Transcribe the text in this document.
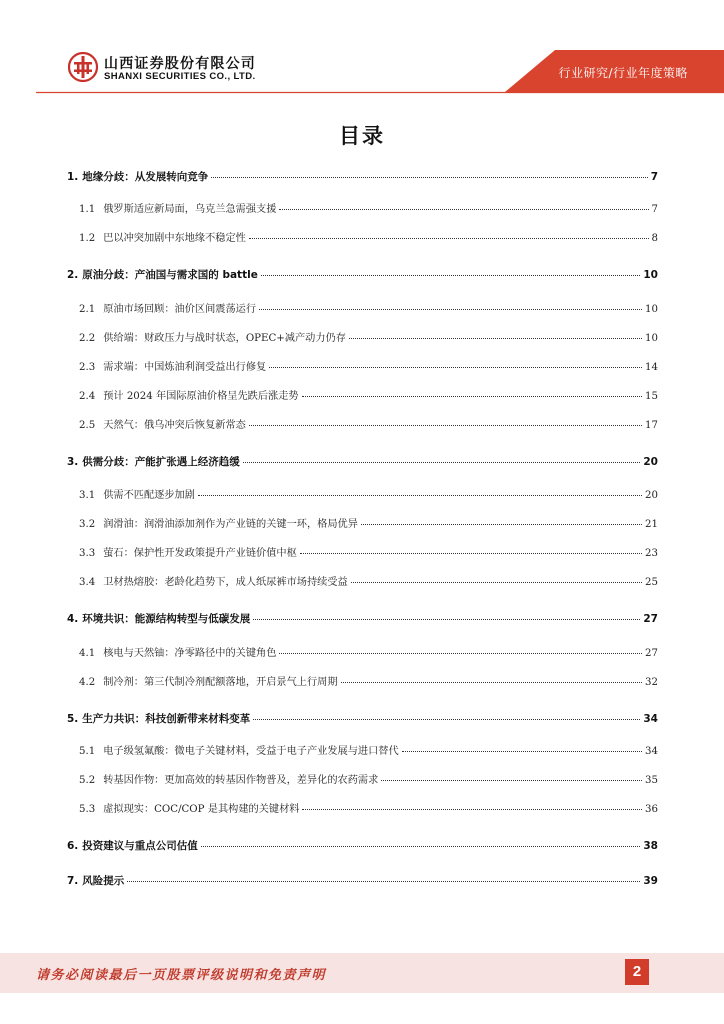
山西证券股份有限公司
SHANXI SECURITIES CO., LTD.	行业研究/行业年度策略
目录
1. 地缘分歧：从发展转向竞争	7
1.1 俄罗斯适应新局面，乌克兰急需强支援	7
1.2 巴以冲突加剧中东地缘不稳定性	8
2. 原油分歧：产油国与需求国的 battle	10
2.1 原油市场回顾：油价区间震荡运行	10
2.2 供给端：财政压力与战时状态，OPEC+减产动力仍存	10
2.3 需求端：中国炼油利润受益出行修复	14
2.4 预计 2024 年国际原油价格呈先跌后涨走势	15
2.5 天然气：俄乌冲突后恢复新常态	17
3. 供需分歧：产能扩张遇上经济趋缓	20
3.1 供需不匹配逐步加剧	20
3.2 润滑油：润滑油添加剂作为产业链的关键一环，格局优异	21
3.3 萤石：保护性开发政策提升产业链价值中枢	23
3.4 卫材热熔胶：老龄化趋势下，成人纸尿裤市场持续受益	25
4. 环境共识：能源结构转型与低碳发展	27
4.1 核电与天然铀：净零路径中的关键角色	27
4.2 制冷剂：第三代制冷剂配额落地，开启景气上行周期	32
5. 生产力共识：科技创新带来材料变革	34
5.1 电子级氢氟酸：微电子关键材料，受益于电子产业发展与进口替代	34
5.2 转基因作物：更加高效的转基因作物普及，差异化的农药需求	35
5.3 虚拟现实：COC/COP 是其构建的关键材料	36
6. 投资建议与重点公司估值	38
7. 风险提示	39
请务必阅读最后一页股票评级说明和免责声明	2
